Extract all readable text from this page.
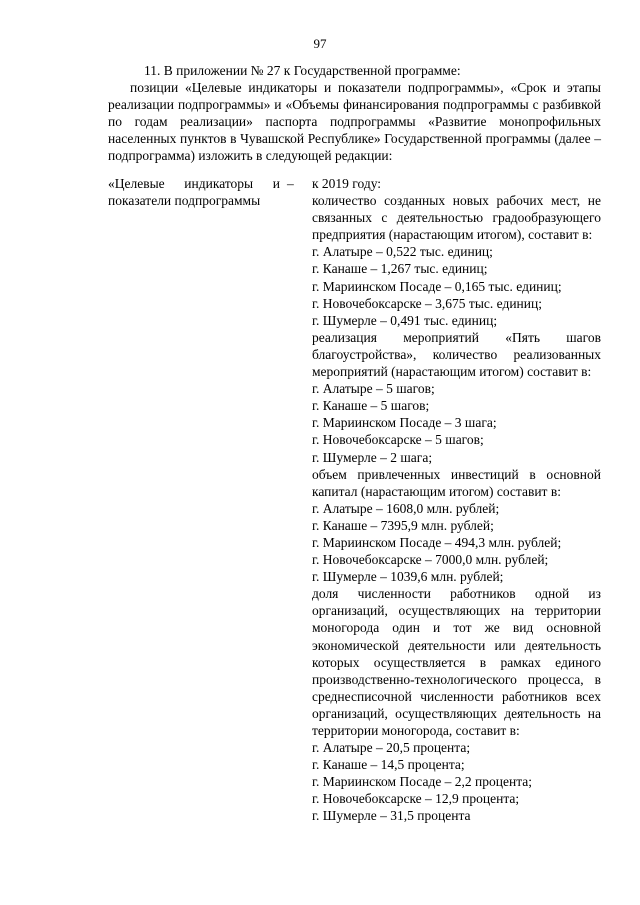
97

11. В приложении № 27 к Государственной программе:

позиции «Целевые индикаторы и показатели подпрограммы», «Срок и этапы реализации подпрограммы» и «Объемы финансирования подпрограммы с разбивкой по годам реализации» паспорта подпрограммы «Развитие монопрофильных населенных пунктов в Чувашской Республике» Государственной программы (далее – подпрограмма) изложить в следующей редакции:

«Целевые индикаторы и показатели подпрограммы
– к 2019 году:
количество созданных новых рабочих мест, не связанных с деятельностью градообразующего предприятия (нарастающим итогом), составит в:
г. Алатыре – 0,522 тыс. единиц;
г. Канаше – 1,267 тыс. единиц;
г. Мариинском Посаде – 0,165 тыс. единиц;
г. Новочебоксарске – 3,675 тыс. единиц;
г. Шумерле – 0,491 тыс. единиц;
реализация мероприятий «Пять шагов благоустройства», количество реализованных мероприятий (нарастающим итогом) составит в:
г. Алатыре – 5 шагов;
г. Канаше – 5 шагов;
г. Мариинском Посаде – 3 шага;
г. Новочебоксарске – 5 шагов;
г. Шумерле – 2 шага;
объем привлеченных инвестиций в основной капитал (нарастающим итогом) составит в:
г. Алатыре – 1608,0 млн. рублей;
г. Канаше – 7395,9 млн. рублей;
г. Мариинском Посаде – 494,3 млн. рублей;
г. Новочебоксарске – 7000,0 млн. рублей;
г. Шумерле – 1039,6 млн. рублей;
доля численности работников одной из организаций, осуществляющих на территории моногорода один и тот же вид основной экономической деятельности или деятельность которых осуществляется в рамках единого производственно-технологического процесса, в среднесписочной численности работников всех организаций, осуществляющих деятельность на территории моногорода, составит в:
г. Алатыре – 20,5 процента;
г. Канаше – 14,5 процента;
г. Мариинском Посаде – 2,2 процента;
г. Новочебоксарске – 12,9 процента;
г. Шумерле – 31,5 процента
